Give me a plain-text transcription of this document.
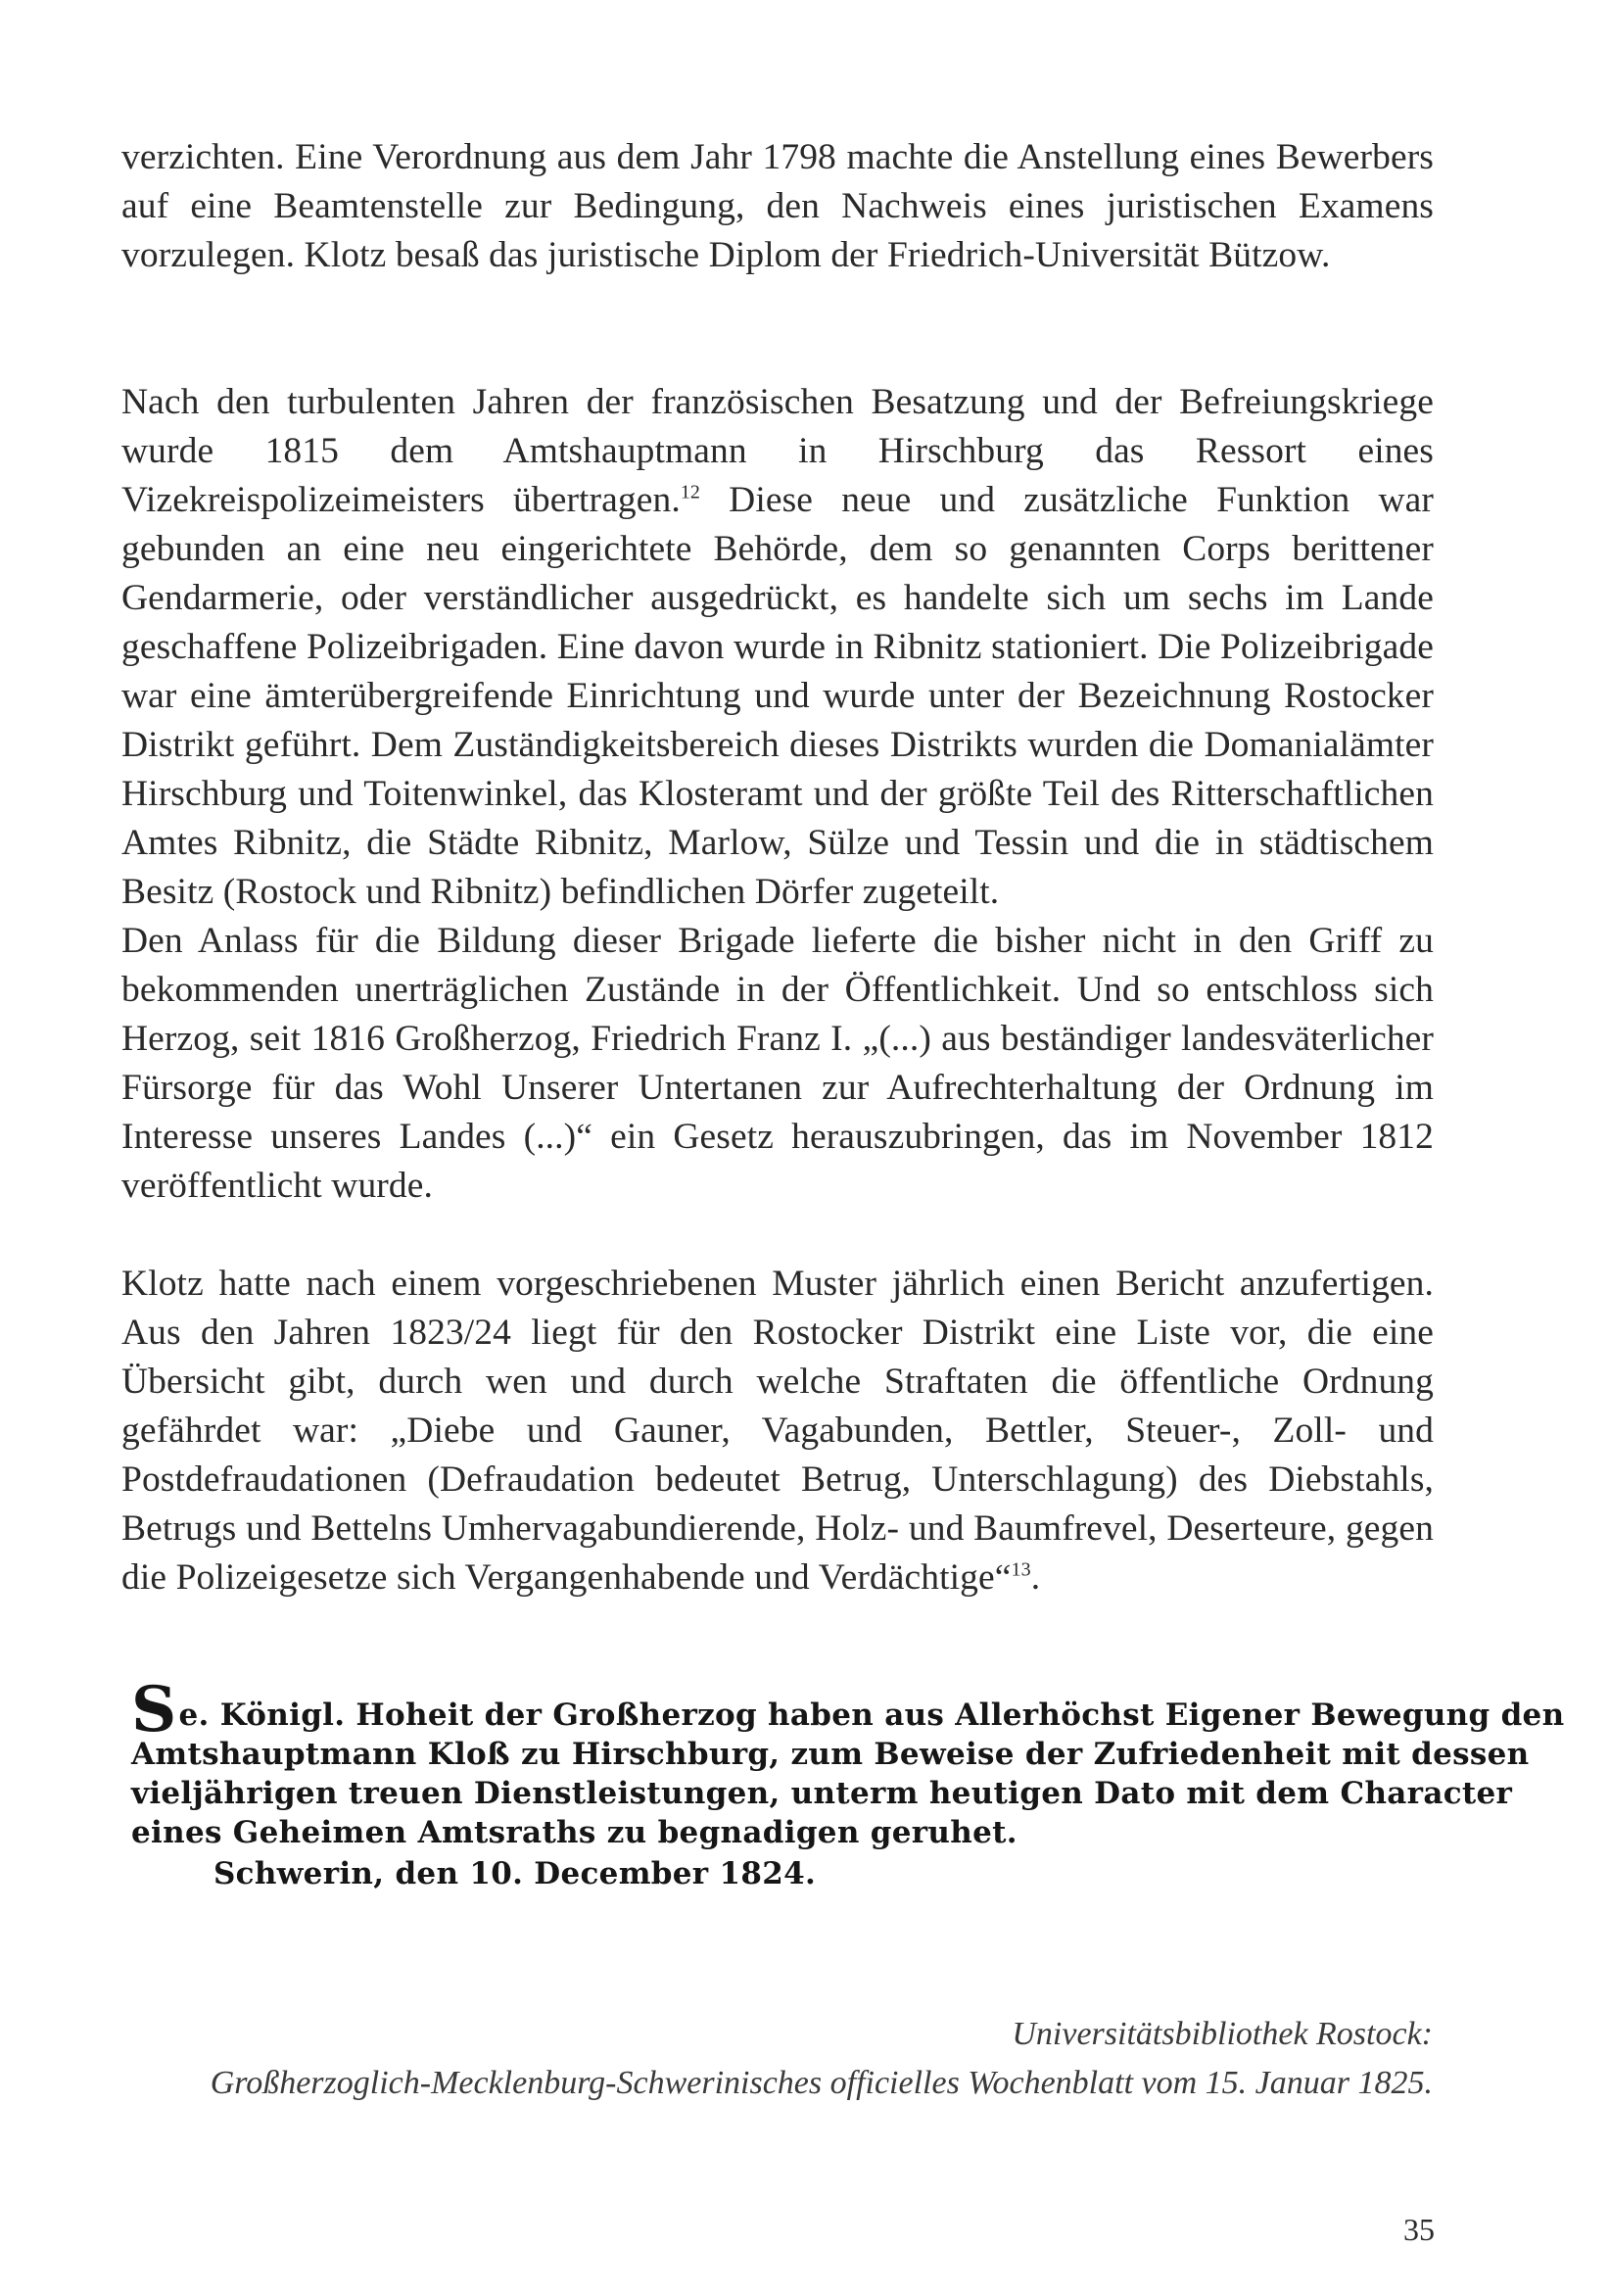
verzichten. Eine Verordnung aus dem Jahr 1798 machte die Anstellung eines Bewerbers auf eine Beamtenstelle zur Bedingung, den Nachweis eines juristischen Examens vorzulegen. Klotz besaß das juristische Diplom der Friedrich-Universität Bützow.

Nach den turbulenten Jahren der französischen Besatzung und der Befreiungskriege wurde 1815 dem Amtshauptmann in Hirschburg das Ressort eines Vizekreispolizeimeisters übertragen.$^{12}$ Diese neue und zusätzliche Funktion war gebunden an eine neu eingerichtete Behörde, dem so genannten Corps berittener Gendarmerie, oder verständlicher ausgedrückt, es handelte sich um sechs im Lande geschaffene Polizeibrigaden. Eine davon wurde in Ribnitz stationiert. Die Polizeibrigade war eine ämterübergreifende Einrichtung und wurde unter der Bezeichnung Rostocker Distrikt geführt. Dem Zuständigkeitsbereich dieses Distrikts wurden die Domanialämter Hirschburg und Toitenwinkel, das Klosteramt und der größte Teil des Ritterschaftlichen Amtes Ribnitz, die Städte Ribnitz, Marlow, Sülze und Tessin und die in städtischem Besitz (Rostock und Ribnitz) befindlichen Dörfer zugeteilt.

Den Anlass für die Bildung dieser Brigade lieferte die bisher nicht in den Griff zu bekommenden unerträglichen Zustände in der Öffentlichkeit. Und so entschloss sich Herzog, seit 1816 Großherzog, Friedrich Franz I. „(...) aus beständiger landesväterlicher Fürsorge für das Wohl Unserer Untertanen zur Aufrechterhaltung der Ordnung im Interesse unseres Landes (...)“ ein Gesetz herauszubringen, das im November 1812 veröffentlicht wurde.

Klotz hatte nach einem vorgeschriebenen Muster jährlich einen Bericht anzufertigen. Aus den Jahren 1823/24 liegt für den Rostocker Distrikt eine Liste vor, die eine Übersicht gibt, durch wen und durch welche Straftaten die öffentliche Ordnung gefährdet war: „Diebe und Gauner, Vagabunden, Bettler, Steuer-, Zoll- und Postdefraudationen (Defraudation bedeutet Betrug, Unterschlagung) des Diebstahls, Betrugs und Bettelns Umhervagabundierende, Holz- und Baumfrevel, Deserteure, gegen die Polizeigesetze sich Vergangenhabende und Verdächtige“$^{13}$.

Se. Königl. Hoheit der Großherzog haben aus Allerhöchst Eigener Bewegung den
Amtshauptmann Kloß zu Hirschburg, zum Beweise der Zufriedenheit mit dessen
vieljährigen treuen Dienstleistungen, unterm heutigen Dato mit dem Character
eines Geheimen Amtsraths zu begnadigen geruhet.
Schwerin, den 10. December 1824.
Universitätsbibliothek Rostock:
Großherzoglich-Mecklenburg-Schwerinisches officielles Wochenblatt vom 15. Januar 1825.
35
